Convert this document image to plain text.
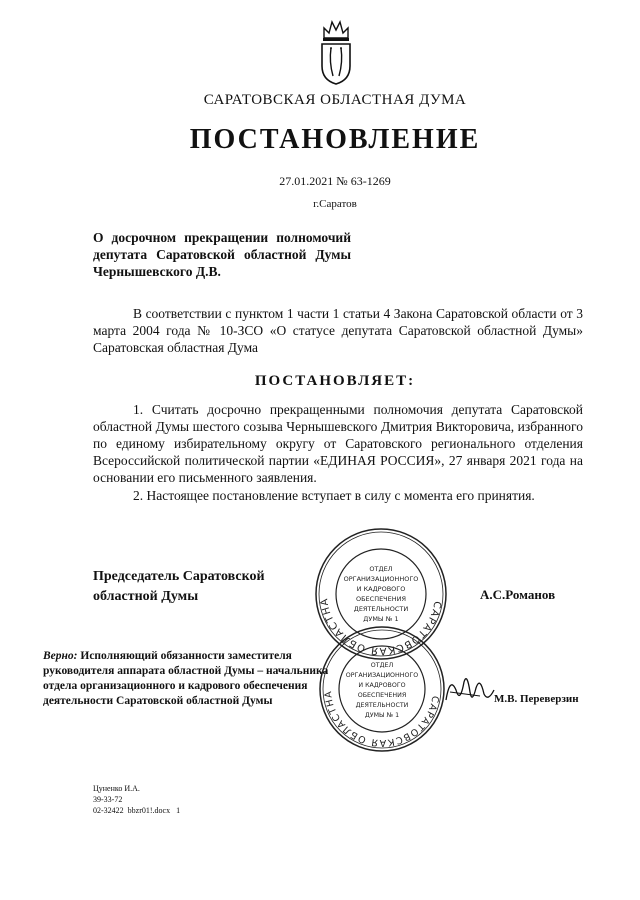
САРАТОВСКАЯ ОБЛАСТНАЯ ДУМА
ПОСТАНОВЛЕНИЕ
27.01.2021 № 63-1269
г.Саратов
О досрочном прекращении полномочий депутата Саратовской областной Думы Чернышевского Д.В.
В соответствии с пунктом 1 части 1 статьи 4 Закона Саратовской области от 3 марта 2004 года № 10-ЗСО «О статусе депутата Саратовской областной Думы» Саратовская областная Дума
ПОСТАНОВЛЯЕТ:
1. Считать досрочно прекращенными полномочия депутата Саратовской областной Думы шестого созыва Чернышевского Дмитрия Викторовича, избранного по единому избирательному округу от Саратовского регионального отделения Всероссийской политической партии «ЕДИНАЯ РОССИЯ», 27 января 2021 года на основании его письменного заявления.
2. Настоящее постановление вступает в силу с момента его принятия.
САРАТОВСКАЯ ОБЛАСТНА
ОТДЕЛ
ОРГАНИЗАЦИОННОГО
И КАДРОВОГО
ОБЕСПЕЧЕНИЯ
ДЕЯТЕЛЬНОСТИ
ДУМЫ № 1
Председатель Саратовской областной Думы	А.С.Романов
САРАТОВСКАЯ ОБЛАСТНА
ОТДЕЛ
ОРГАНИЗАЦИОННОГО
И КАДРОВОГО
ОБЕСПЕЧЕНИЯ
ДЕЯТЕЛЬНОСТИ
ДУМЫ № 1
Верно: Исполняющий обязанности заместителя руководителя аппарата областной Думы – начальника отдела организационного и кадрового обеспечения деятельности Саратовской областной Думы	М.В. Переверзин
Цуненко И.А.
39-33-72
02-32422  bbzr01!.docx   1
